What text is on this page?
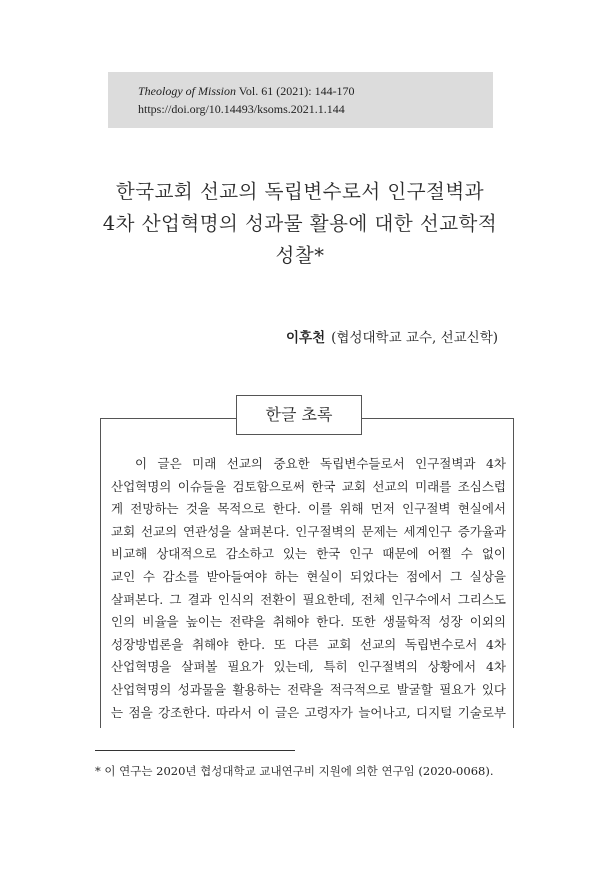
Theology of Mission Vol. 61 (2021): 144-170
https://doi.org/10.14493/ksoms.2021.1.144
한국교회 선교의 독립변수로서 인구절벽과
4차 산업혁명의 성과물 활용에 대한 선교학적
성찰*
이후천 (협성대학교 교수, 선교신학)
한글 초록
이 글은 미래 선교의 중요한 독립변수들로서 인구절벽과 4차
산업혁명의 이슈들을 검토함으로써 한국 교회 선교의 미래를 조심스럽
게 전망하는 것을 목적으로 한다. 이를 위해 먼저 인구절벽 현실에서
교회 선교의 연관성을 살펴본다. 인구절벽의 문제는 세계인구 증가율과
비교해 상대적으로 감소하고 있는 한국 인구 때문에 어쩔 수 없이
교인 수 감소를 받아들여야 하는 현실이 되었다는 점에서 그 실상을
살펴본다. 그 결과 인식의 전환이 필요한데, 전체 인구수에서 그리스도
인의 비율을 높이는 전략을 취해야 한다. 또한 생물학적 성장 이외의
성장방법론을 취해야 한다. 또 다른 교회 선교의 독립변수로서 4차
산업혁명을 살펴볼 필요가 있는데, 특히 인구절벽의 상황에서 4차
산업혁명의 성과물을 활용하는 전략을 적극적으로 발굴할 필요가 있다
는 점을 강조한다. 따라서 이 글은 고령자가 늘어나고, 디지털 기술로부
* 이 연구는 2020년 협성대학교 교내연구비 지원에 의한 연구임 (2020-0068).
